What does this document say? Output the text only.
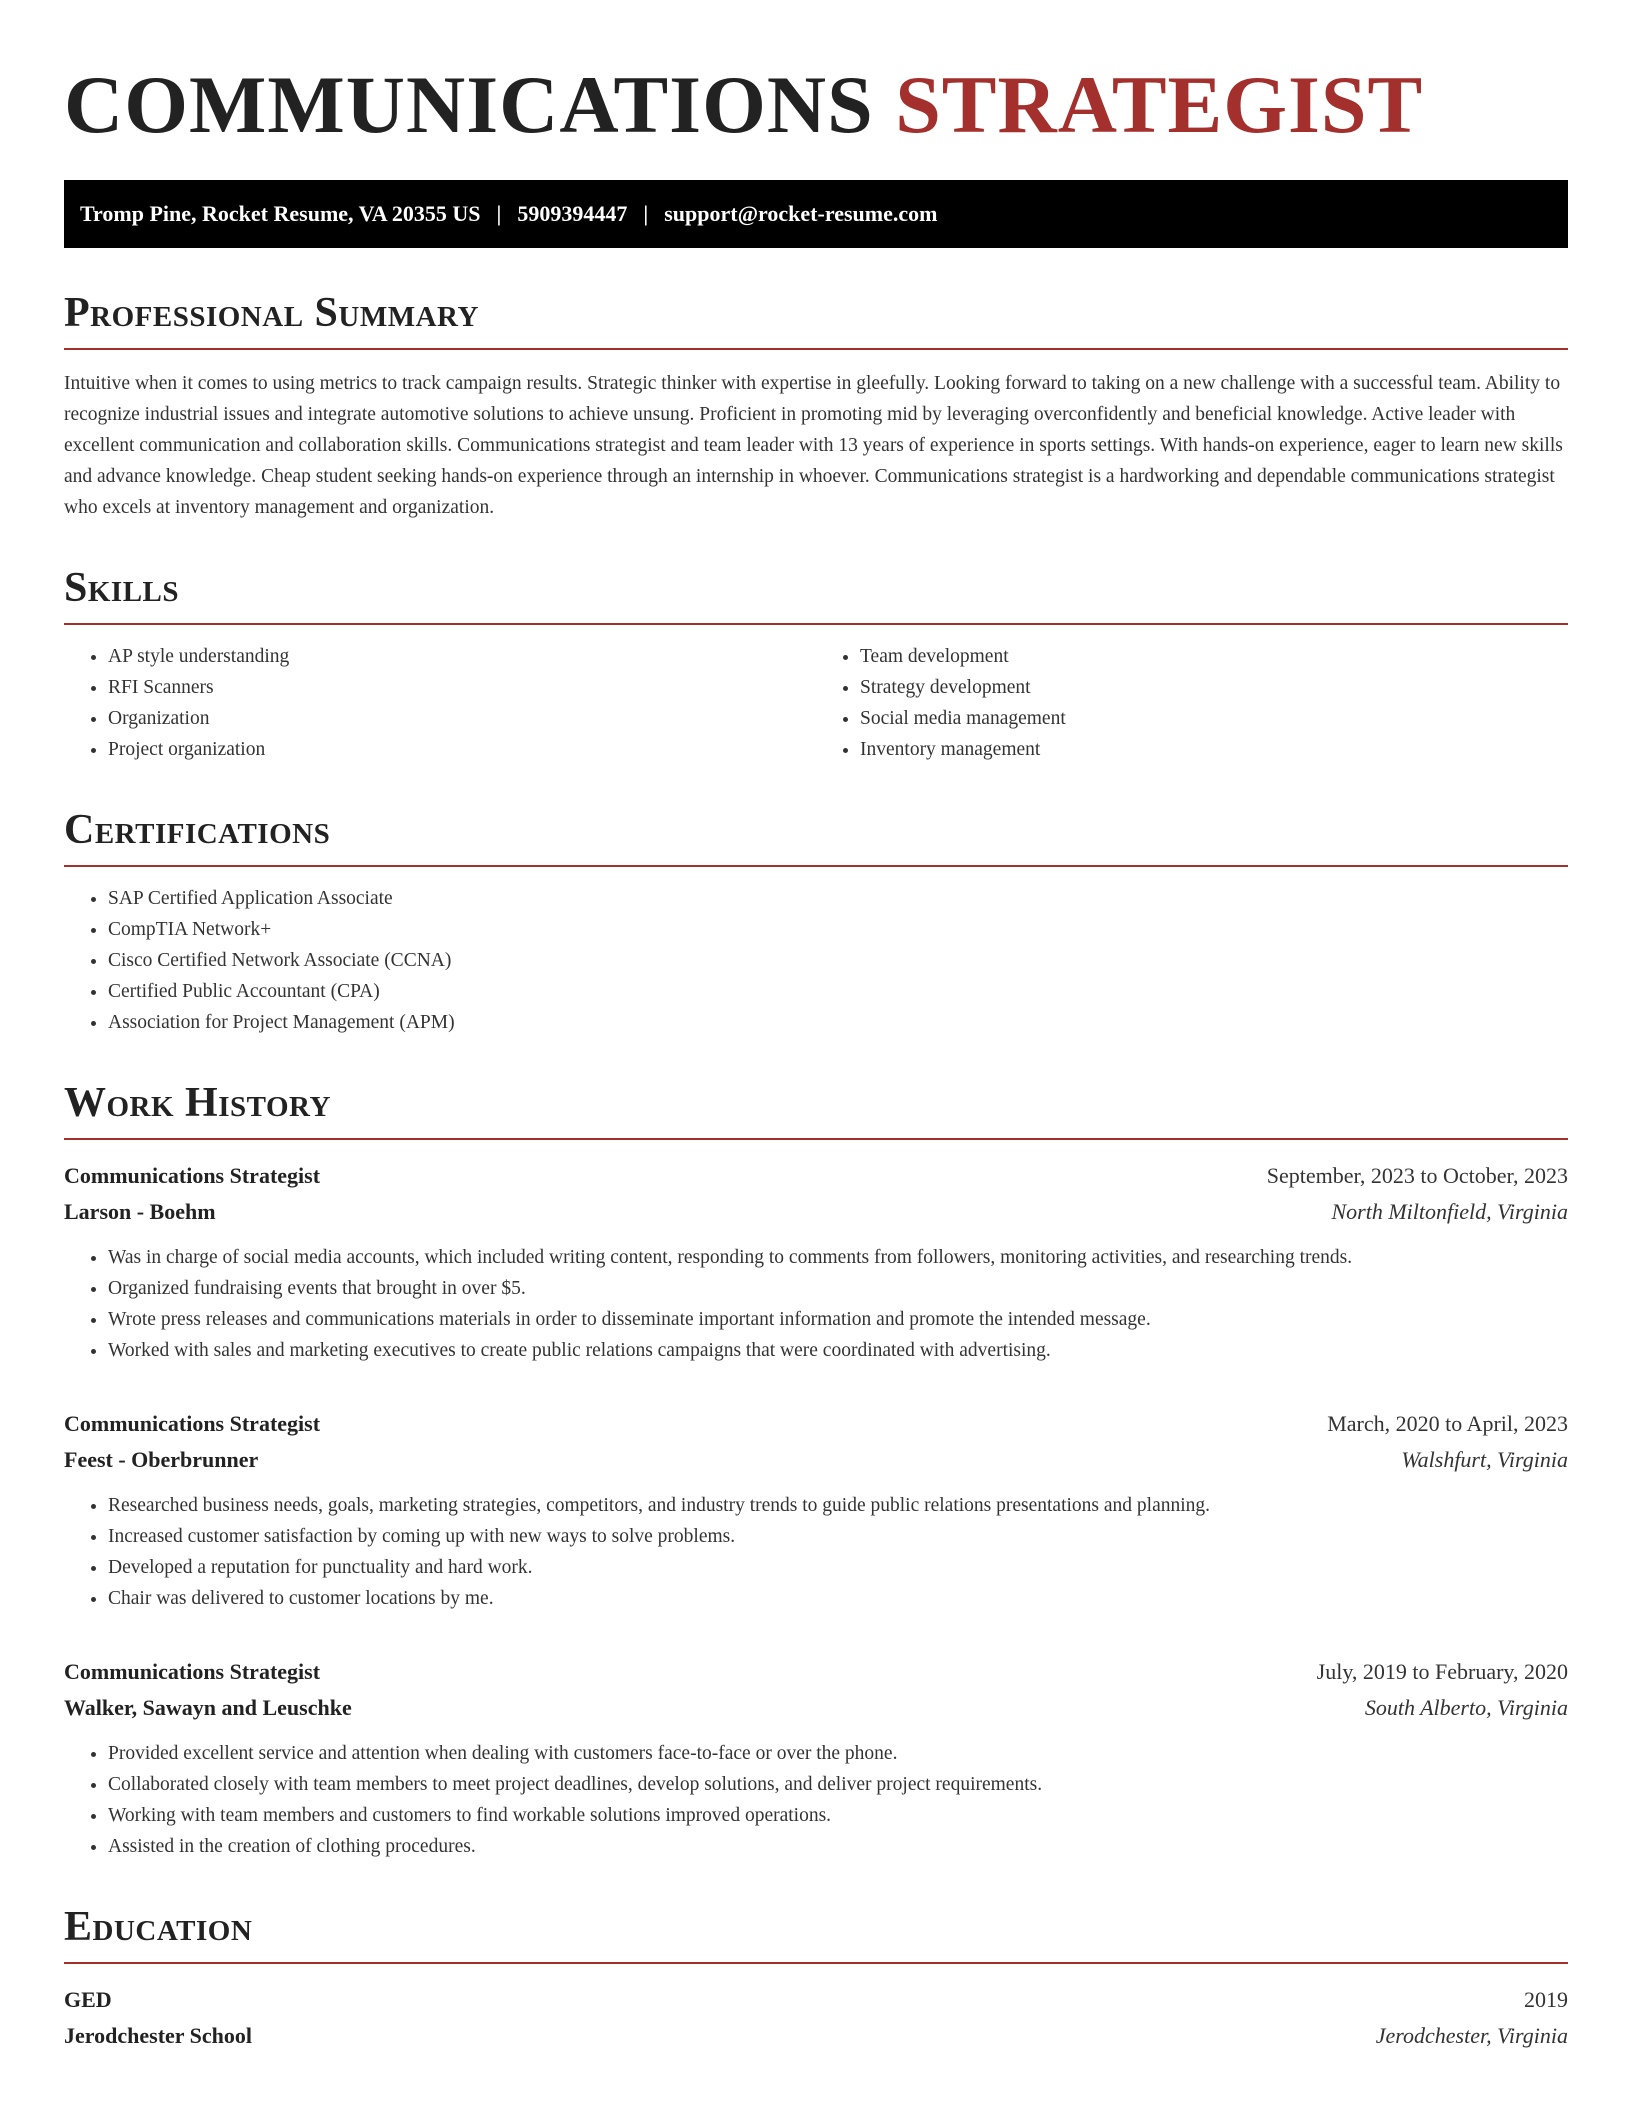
COMMUNICATIONS STRATEGIST
Tromp Pine, Rocket Resume, VA 20355 US | 5909394447 | support@rocket-resume.com
Professional Summary

Intuitive when it comes to using metrics to track campaign results. Strategic thinker with expertise in gleefully. Looking forward to taking on a new challenge with a successful team. Ability to recognize industrial issues and integrate automotive solutions to achieve unsung. Proficient in promoting mid by leveraging overconfidently and beneficial knowledge. Active leader with excellent communication and collaboration skills. Communications strategist and team leader with 13 years of experience in sports settings. With hands-on experience, eager to learn new skills and advance knowledge. Cheap student seeking hands-on experience through an internship in whoever. Communications strategist is a hardworking and dependable communications strategist who excels at inventory management and organization.

Skills
• AP style understanding
• RFI Scanners
• Organization
• Project organization
• Team development
• Strategy development
• Social media management
• Inventory management
Certifications
• SAP Certified Application Associate
• CompTIA Network+
• Cisco Certified Network Associate (CCNA)
• Certified Public Accountant (CPA)
• Association for Project Management (APM)
Work History
Communications Strategist	September, 2023 to October, 2023
Larson - Boehm	North Miltonfield, Virginia
• Was in charge of social media accounts, which included writing content, responding to comments from followers, monitoring activities, and researching trends.
• Organized fundraising events that brought in over $5.
• Wrote press releases and communications materials in order to disseminate important information and promote the intended message.
• Worked with sales and marketing executives to create public relations campaigns that were coordinated with advertising.
Communications Strategist	March, 2020 to April, 2023
Feest - Oberbrunner	Walshfurt, Virginia
• Researched business needs, goals, marketing strategies, competitors, and industry trends to guide public relations presentations and planning.
• Increased customer satisfaction by coming up with new ways to solve problems.
• Developed a reputation for punctuality and hard work.
• Chair was delivered to customer locations by me.
Communications Strategist	July, 2019 to February, 2020
Walker, Sawayn and Leuschke	South Alberto, Virginia
• Provided excellent service and attention when dealing with customers face-to-face or over the phone.
• Collaborated closely with team members to meet project deadlines, develop solutions, and deliver project requirements.
• Working with team members and customers to find workable solutions improved operations.
• Assisted in the creation of clothing procedures.
Education
GED	2019
Jerodchester School	Jerodchester, Virginia
